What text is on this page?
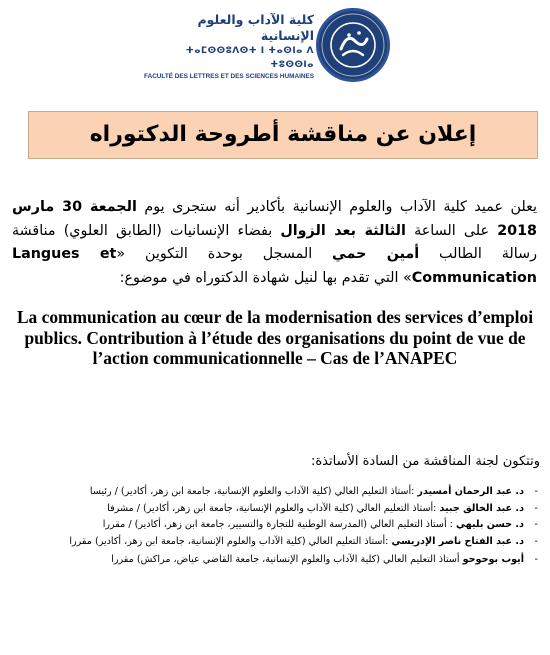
كلية الآداب والعلوم الإنسانية
ⵜⴰⵎⵙⵙⵓⴷⵙⵜ ⵏ ⵜⴰⵙⵏⴰ ⴷ ⵜⵓⵙⵙⵏⴰ
FACULTÉ DES LETTRES ET DES SCIENCES HUMAINES
إعلان عن مناقشة أطروحة الدكتوراه
يعلن عميد كلية الآداب والعلوم الإنسانية بأكادير أنه ستجرى يوم الجمعة 30 مارس 2018 على الساعة الثالثة بعد الزوال بفضاء الإنسانيات (الطابق العلوي) مناقشة رسالة الطالب أمين حمي المسجل بوحدة التكوين «Langues et Communication» التي تقدم بها لنيل شهادة الدكتوراه في موضوع:
La communication au cœur de la modernisation des services d’emploi publics. Contribution à l’étude des organisations du point de vue de l’action communicationnelle – Cas de l’ANAPEC
وتتكون لجنة المناقشة من السادة الأساتذة:
-
د. عبد الرحمان أمسيدر :أستاذ التعليم العالي (كلية الآداب والعلوم الإنسانية، جامعة ابن زهر، أكادير) / رئيسا
-
د. عبد الخالق جبيد :أستاذ التعليم العالي (كلية الآداب والعلوم الإنسانية، جامعة ابن زهر، أكادير) / مشرفا
-
د. حسن بليهي : أستاذ التعليم العالي (المدرسة الوطنية للتجارة والتسيير، جامعة ابن زهر، أكادير) / مقررا
-
د. عبد الفتاح ناصر الإدريسي :أستاذ التعليم العالي (كلية الآداب والعلوم الإنسانية، جامعة ابن زهر، أكادير) مقررا
-
أيوب بوحوحو أستاذ التعليم العالي (كلية الآداب والعلوم الإنسانية، جامعة القاضي عياض، مراكش) مقررا
